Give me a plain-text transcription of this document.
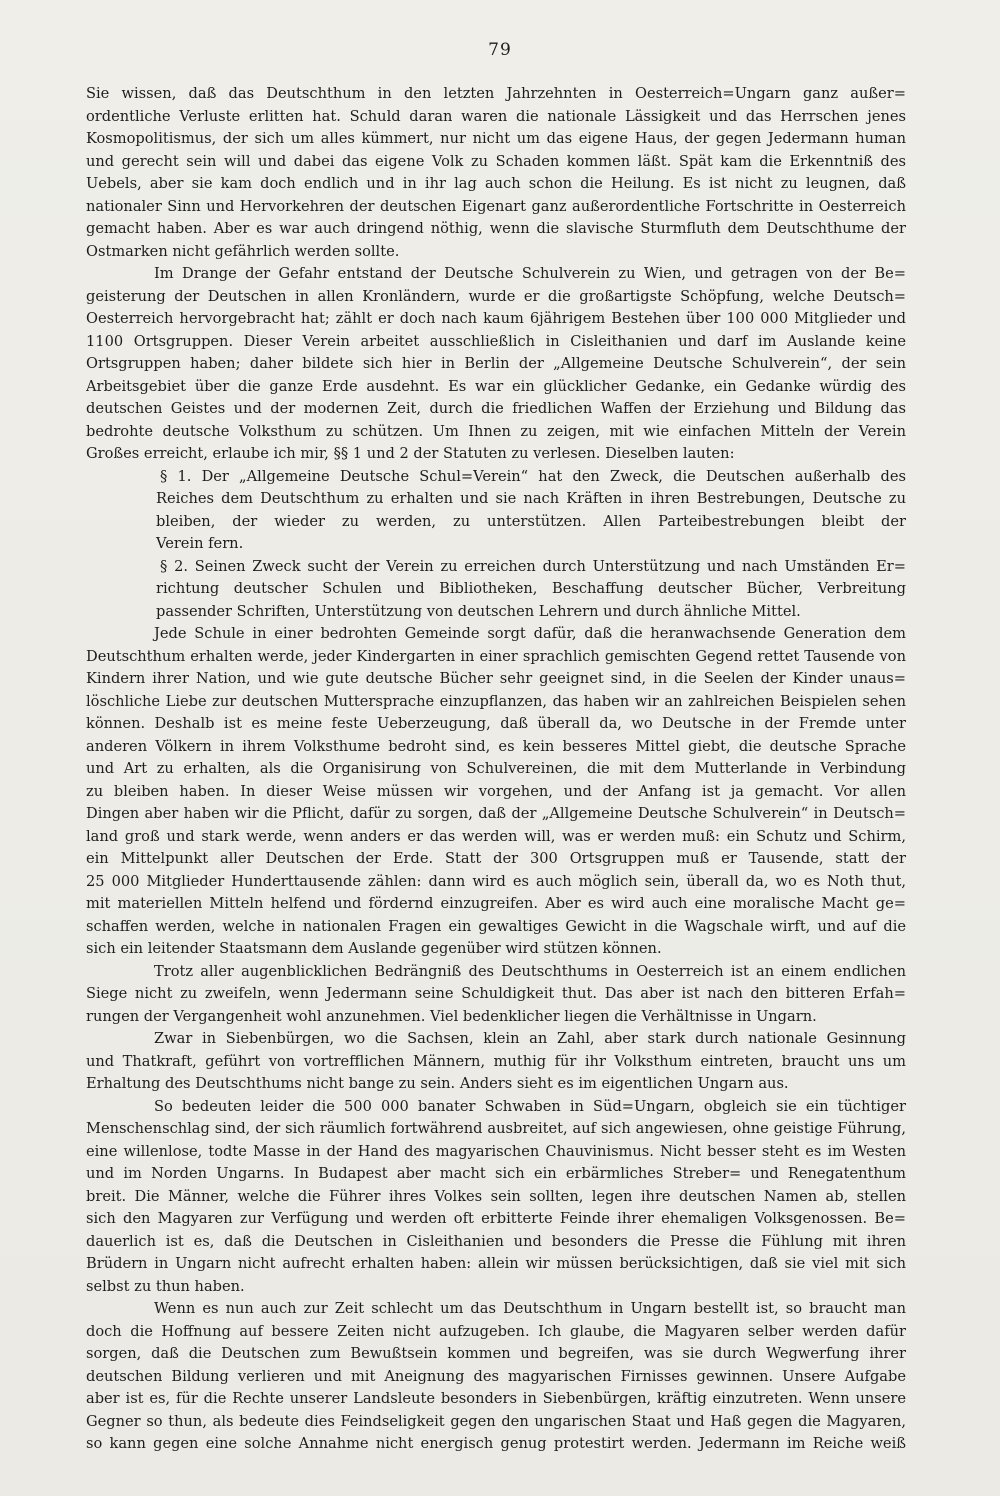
79
Sie wissen, daß das Deutschthum in den letzten Jahrzehnten in Oesterreich=Ungarn ganz außer=
ordentliche Verluste erlitten hat. Schuld daran waren die nationale Lässigkeit und das Herrschen jenes
Kosmopolitismus, der sich um alles kümmert, nur nicht um das eigene Haus, der gegen Jedermann human
und gerecht sein will und dabei das eigene Volk zu Schaden kommen läßt. Spät kam die Erkenntniß des
Uebels, aber sie kam doch endlich und in ihr lag auch schon die Heilung. Es ist nicht zu leugnen, daß
nationaler Sinn und Hervorkehren der deutschen Eigenart ganz außerordentliche Fortschritte in Oesterreich
gemacht haben. Aber es war auch dringend nöthig, wenn die slavische Sturmfluth dem Deutschthume der
Ostmarken nicht gefährlich werden sollte.
Im Drange der Gefahr entstand der Deutsche Schulverein zu Wien, und getragen von der Be=
geisterung der Deutschen in allen Kronländern, wurde er die großartigste Schöpfung, welche Deutsch=
Oesterreich hervorgebracht hat; zählt er doch nach kaum 6jährigem Bestehen über 100 000 Mitglieder und
1100 Ortsgruppen. Dieser Verein arbeitet ausschließlich in Cisleithanien und darf im Auslande keine
Ortsgruppen haben; daher bildete sich hier in Berlin der „Allgemeine Deutsche Schulverein“, der sein
Arbeitsgebiet über die ganze Erde ausdehnt. Es war ein glücklicher Gedanke, ein Gedanke würdig des
deutschen Geistes und der modernen Zeit, durch die friedlichen Waffen der Erziehung und Bildung das
bedrohte deutsche Volksthum zu schützen. Um Ihnen zu zeigen, mit wie einfachen Mitteln der Verein
Großes erreicht, erlaube ich mir, §§ 1 und 2 der Statuten zu verlesen. Dieselben lauten:
§ 1. Der „Allgemeine Deutsche Schul=Verein“ hat den Zweck, die Deutschen außerhalb des
Reiches dem Deutschthum zu erhalten und sie nach Kräften in ihren Bestrebungen, Deutsche zu
bleiben, der wieder zu werden, zu unterstützen. Allen Parteibestrebungen bleibt der
Verein fern.
§ 2. Seinen Zweck sucht der Verein zu erreichen durch Unterstützung und nach Umständen Er=
richtung deutscher Schulen und Bibliotheken, Beschaffung deutscher Bücher, Verbreitung
passender Schriften, Unterstützung von deutschen Lehrern und durch ähnliche Mittel.
Jede Schule in einer bedrohten Gemeinde sorgt dafür, daß die heranwachsende Generation dem
Deutschthum erhalten werde, jeder Kindergarten in einer sprachlich gemischten Gegend rettet Tausende von
Kindern ihrer Nation, und wie gute deutsche Bücher sehr geeignet sind, in die Seelen der Kinder unaus=
löschliche Liebe zur deutschen Muttersprache einzupflanzen, das haben wir an zahlreichen Beispielen sehen
können. Deshalb ist es meine feste Ueberzeugung, daß überall da, wo Deutsche in der Fremde unter
anderen Völkern in ihrem Volksthume bedroht sind, es kein besseres Mittel giebt, die deutsche Sprache
und Art zu erhalten, als die Organisirung von Schulvereinen, die mit dem Mutterlande in Verbindung
zu bleiben haben. In dieser Weise müssen wir vorgehen, und der Anfang ist ja gemacht. Vor allen
Dingen aber haben wir die Pflicht, dafür zu sorgen, daß der „Allgemeine Deutsche Schulverein“ in Deutsch=
land groß und stark werde, wenn anders er das werden will, was er werden muß: ein Schutz und Schirm,
ein Mittelpunkt aller Deutschen der Erde. Statt der 300 Ortsgruppen muß er Tausende, statt der
25 000 Mitglieder Hunderttausende zählen: dann wird es auch möglich sein, überall da, wo es Noth thut,
mit materiellen Mitteln helfend und fördernd einzugreifen. Aber es wird auch eine moralische Macht ge=
schaffen werden, welche in nationalen Fragen ein gewaltiges Gewicht in die Wagschale wirft, und auf die
sich ein leitender Staatsmann dem Auslande gegenüber wird stützen können.
Trotz aller augenblicklichen Bedrängniß des Deutschthums in Oesterreich ist an einem endlichen
Siege nicht zu zweifeln, wenn Jedermann seine Schuldigkeit thut. Das aber ist nach den bitteren Erfah=
rungen der Vergangenheit wohl anzunehmen. Viel bedenklicher liegen die Verhältnisse in Ungarn.
Zwar in Siebenbürgen, wo die Sachsen, klein an Zahl, aber stark durch nationale Gesinnung
und Thatkraft, geführt von vortrefflichen Männern, muthig für ihr Volksthum eintreten, braucht uns um
Erhaltung des Deutschthums nicht bange zu sein. Anders sieht es im eigentlichen Ungarn aus.
So bedeuten leider die 500 000 banater Schwaben in Süd=Ungarn, obgleich sie ein tüchtiger
Menschenschlag sind, der sich räumlich fortwährend ausbreitet, auf sich angewiesen, ohne geistige Führung,
eine willenlose, todte Masse in der Hand des magyarischen Chauvinismus. Nicht besser steht es im Westen
und im Norden Ungarns. In Budapest aber macht sich ein erbärmliches Streber= und Renegatenthum
breit. Die Männer, welche die Führer ihres Volkes sein sollten, legen ihre deutschen Namen ab, stellen
sich den Magyaren zur Verfügung und werden oft erbitterte Feinde ihrer ehemaligen Volksgenossen. Be=
dauerlich ist es, daß die Deutschen in Cisleithanien und besonders die Presse die Fühlung mit ihren
Brüdern in Ungarn nicht aufrecht erhalten haben: allein wir müssen berücksichtigen, daß sie viel mit sich
selbst zu thun haben.
Wenn es nun auch zur Zeit schlecht um das Deutschthum in Ungarn bestellt ist, so braucht man
doch die Hoffnung auf bessere Zeiten nicht aufzugeben. Ich glaube, die Magyaren selber werden dafür
sorgen, daß die Deutschen zum Bewußtsein kommen und begreifen, was sie durch Wegwerfung ihrer
deutschen Bildung verlieren und mit Aneignung des magyarischen Firnisses gewinnen. Unsere Aufgabe
aber ist es, für die Rechte unserer Landsleute besonders in Siebenbürgen, kräftig einzutreten. Wenn unsere
Gegner so thun, als bedeute dies Feindseligkeit gegen den ungarischen Staat und Haß gegen die Magyaren,
so kann gegen eine solche Annahme nicht energisch genug protestirt werden. Jedermann im Reiche weiß
